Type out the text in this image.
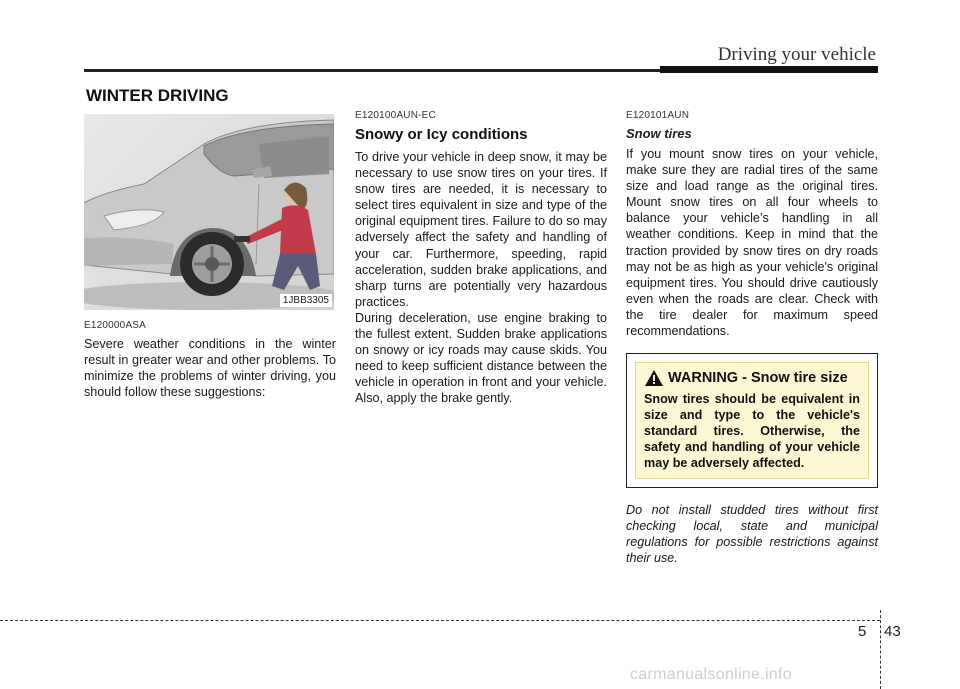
Driving your vehicle
WINTER DRIVING
1JBB3305
E120000ASA

Severe weather conditions in the winter result in greater wear and other problems. To minimize the problems of winter driving, you should follow these suggestions:

E120100AUN-EC
Snowy or Icy conditions

To drive your vehicle in deep snow, it may be necessary to use snow tires on your tires. If snow tires are needed, it is necessary to select tires equivalent in size and type of the original equipment tires. Failure to do so may adversely affect the safety and handling of your car. Furthermore, speeding, rapid acceleration, sudden brake applications, and sharp turns are potentially very hazardous practices.

During deceleration, use engine braking to the fullest extent. Sudden brake applications on snowy or icy roads may cause skids. You need to keep sufficient distance between the vehicle in operation in front and your vehicle. Also, apply the brake gently.

E120101AUN
Snow tires

If you mount snow tires on your vehicle, make sure they are radial tires of the same size and load range as the original tires. Mount snow tires on all four wheels to balance your vehicle’s handling in all weather conditions. Keep in mind that the traction provided by snow tires on dry roads may not be as high as your vehicle's original equipment tires. You should drive cautiously even when the roads are clear. Check with the tire dealer for maximum speed recommendations.

WARNING - Snow tire size

Snow tires should be equivalent in size and type to the vehicle's standard tires. Otherwise, the safety and handling of your vehicle may be adversely affected.

Do not install studded tires without first checking local, state and municipal regulations for possible restrictions against their use.

5 43
carmanualsonline.info
